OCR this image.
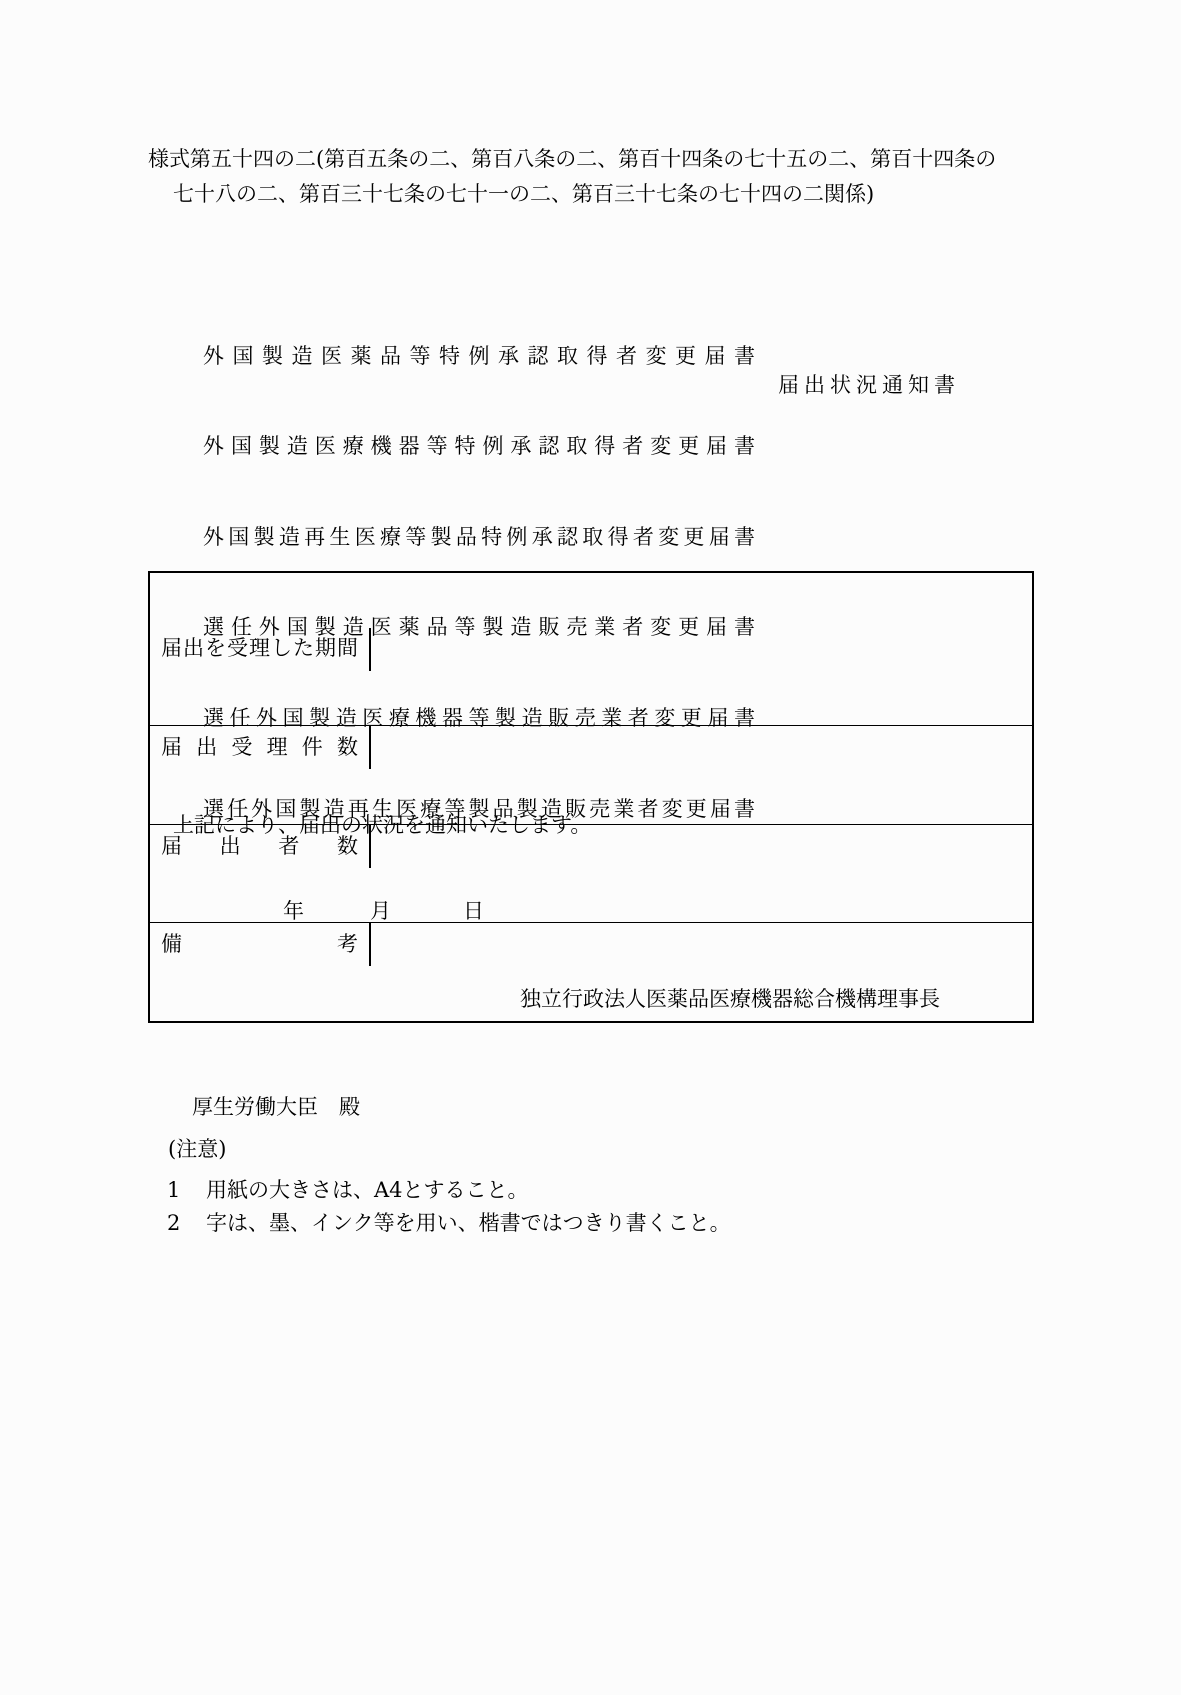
様式第五十四の二(第百五条の二、第百八条の二、第百十四条の七十五の二、第百十四条の
七十八の二、第百三十七条の七十一の二、第百三十七条の七十四の二関係)

外国製造医薬品等特例承認取得者変更届書

外国製造医療機器等特例承認取得者変更届書

外国製造再生医療等製品特例承認取得者変更届書

選任外国製造医薬品等製造販売業者変更届書

選任外国製造医療機器等製造販売業者変更届書

選任外国製造再生医療等製品製造販売業者変更届書

届出状況通知書

届出を受理した期間

届出受理件数

届出者数

備考

上記により、届出の状況を通知いたします。
年	月	日
独立行政法人医薬品医療機器総合機構理事長
厚生労働大臣　殿
(注意)
1	用紙の大きさは、A4とすること。
2	字は、墨、インク等を用い、楷書ではつきり書くこと。
